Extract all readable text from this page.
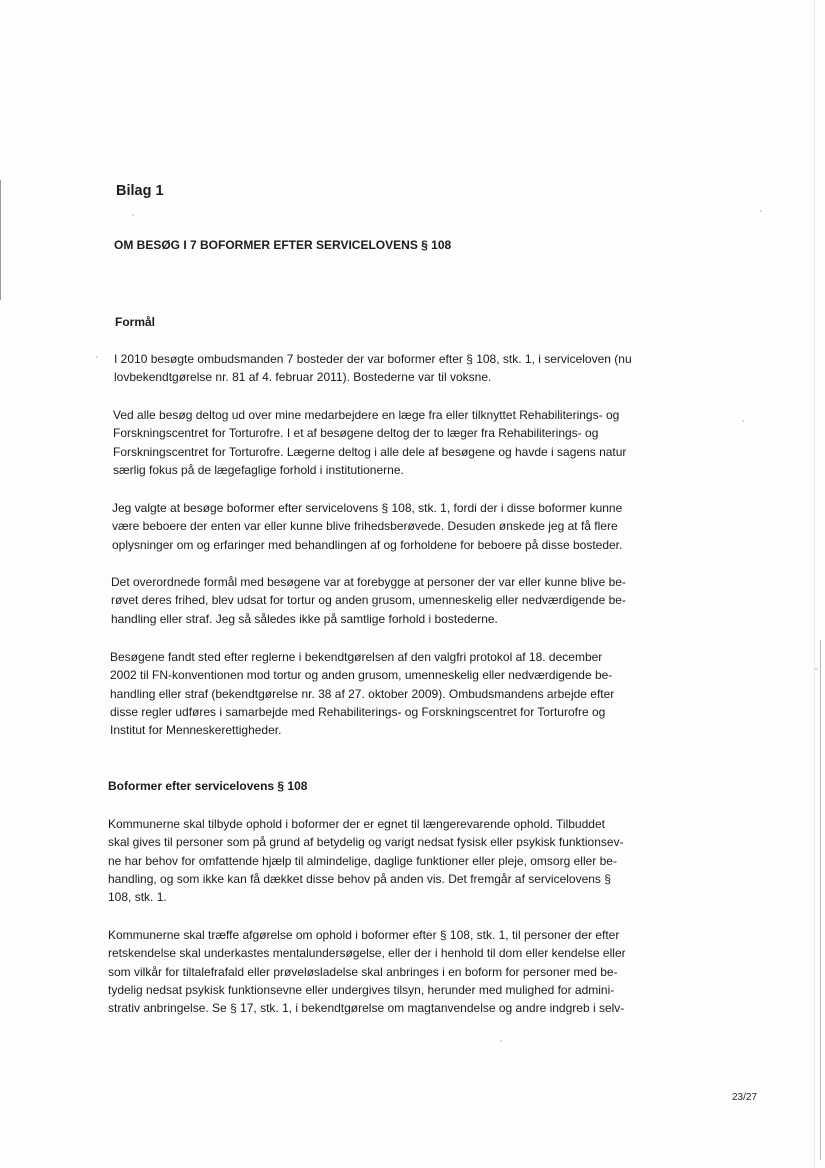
Bilag 1
OM BESØG I 7 BOFORMER EFTER SERVICELOVENS § 108
Formål

I 2010 besøgte ombudsmanden 7 bosteder der var boformer efter § 108, stk. 1, i serviceloven (nu
lovbekendtgørelse nr. 81 af 4. februar 2011). Bostederne var til voksne.

Ved alle besøg deltog ud over mine medarbejdere en læge fra eller tilknyttet Rehabiliterings- og
Forskningscentret for Torturofre. I et af besøgene deltog der to læger fra Rehabiliterings- og
Forskningscentret for Torturofre. Lægerne deltog i alle dele af besøgene og havde i sagens natur
særlig fokus på de lægefaglige forhold i institutionerne.

Jeg valgte at besøge boformer efter servicelovens § 108, stk. 1, fordi der i disse boformer kunne
være beboere der enten var eller kunne blive frihedsberøvede. Desuden ønskede jeg at få flere
oplysninger om og erfaringer med behandlingen af og forholdene for beboere på disse bosteder.

Det overordnede formål med besøgene var at forebygge at personer der var eller kunne blive be-
røvet deres frihed, blev udsat for tortur og anden grusom, umenneskelig eller nedværdigende be-
handling eller straf. Jeg så således ikke på samtlige forhold i bostederne.

Besøgene fandt sted efter reglerne i bekendtgørelsen af den valgfri protokol af 18. december
2002 til FN-konventionen mod tortur og anden grusom, umenneskelig eller nedværdigende be-
handling eller straf (bekendtgørelse nr. 38 af 27. oktober 2009). Ombudsmandens arbejde efter
disse regler udføres i samarbejde med Rehabiliterings- og Forskningscentret for Torturofre og
Institut for Menneskerettigheder.

Boformer efter servicelovens § 108

Kommunerne skal tilbyde ophold i boformer der er egnet til længerevarende ophold. Tilbuddet
skal gives til personer som på grund af betydelig og varigt nedsat fysisk eller psykisk funktionsev-
ne har behov for omfattende hjælp til almindelige, daglige funktioner eller pleje, omsorg eller be-
handling, og som ikke kan få dækket disse behov på anden vis. Det fremgår af servicelovens §
108, stk. 1.

Kommunerne skal træffe afgørelse om ophold i boformer efter § 108, stk. 1, til personer der efter
retskendelse skal underkastes mentalundersøgelse, eller der i henhold til dom eller kendelse eller
som vilkår for tiltalefrafald eller prøveløsladelse skal anbringes i en boform for personer med be-
tydelig nedsat psykisk funktionsevne eller undergives tilsyn, herunder med mulighed for admini-
strativ anbringelse. Se § 17, stk. 1, i bekendtgørelse om magtanvendelse og andre indgreb i selv-

23/27
